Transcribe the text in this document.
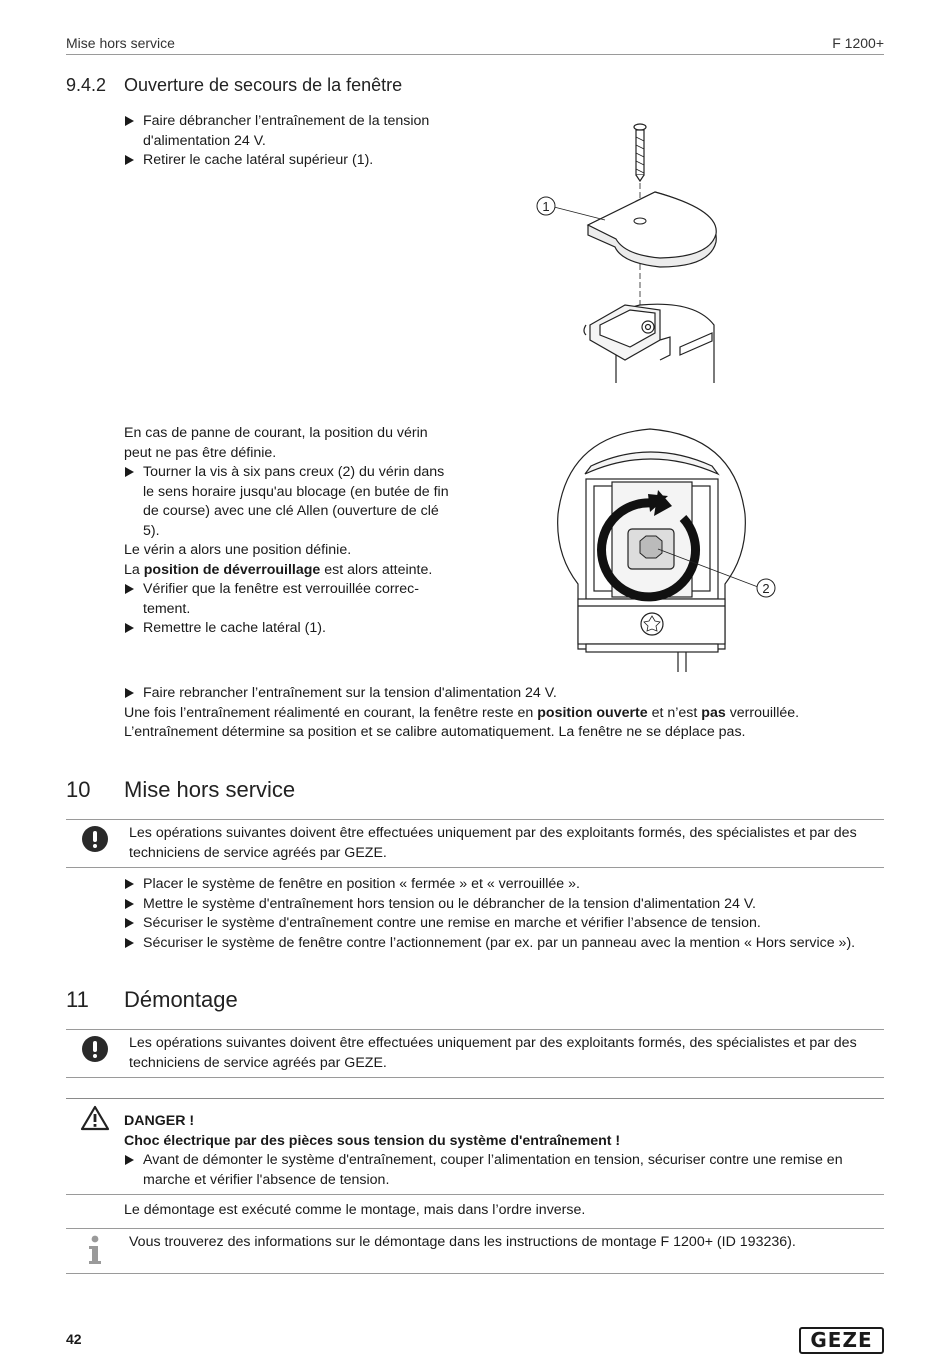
Mise hors service	F 1200+
9.4.2 Ouverture de secours de la fenêtre

Faire débrancher l’entraînement de la tension d'alimentation 24 V.

Retirer le cache latéral supérieur (1).

1

En cas de panne de courant, la position du vérin peut ne pas être définie.

Tourner la vis à six pans creux (2) du vérin dans le sens horaire jusqu'au blocage (en butée de fin de course) avec une clé Allen (ouverture de clé 5).

Le vérin a alors une position définie.

La position de déverrouillage est alors atteinte.

Vérifier que la fenêtre est verrouillée correc-tement.

Remettre le cache latéral (1).

2

Faire rebrancher l’entraînement sur la tension d'alimentation 24 V.

Une fois l’entraînement réalimenté en courant, la fenêtre reste en position ouverte et n’est pas verrouillée.

L’entraînement détermine sa position et se calibre automatiquement. La fenêtre ne se déplace pas.

10 Mise hors service
Les opérations suivantes doivent être effectuées uniquement par des exploitants formés, des spécialistes et par des techniciens de service agréés par GEZE.

Placer le système de fenêtre en position « fermée » et « verrouillée ».

Mettre le système d'entraînement hors tension ou le débrancher de la tension d'alimentation 24 V.

Sécuriser le système d'entraînement contre une remise en marche et vérifier l’absence de tension.

Sécuriser le système de fenêtre contre l’actionnement (par ex. par un panneau avec la mention « Hors service »).

11 Démontage
Les opérations suivantes doivent être effectuées uniquement par des exploitants formés, des spécialistes et par des techniciens de service agréés par GEZE.

DANGER !

Choc électrique par des pièces sous tension du système d'entraînement !

Avant de démonter le système d'entraînement, couper l’alimentation en tension, sécuriser contre une remise en marche et vérifier l'absence de tension.

Le démontage est exécuté comme le montage, mais dans l’ordre inverse.
Vous trouverez des informations sur le démontage dans les instructions de montage F 1200+ (ID 193236).
42	GEZE
